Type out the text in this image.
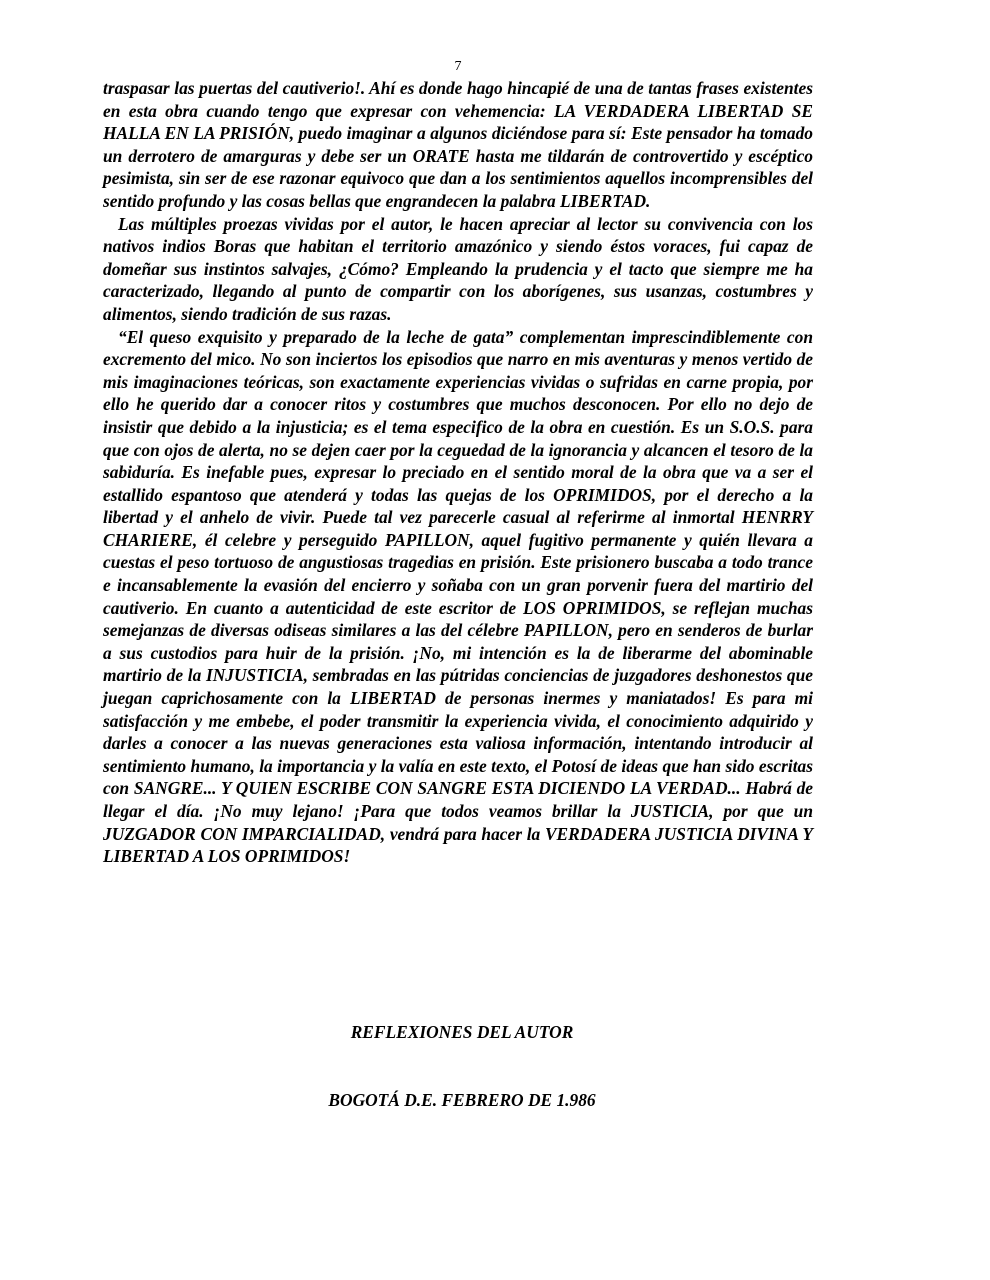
7

traspasar las puertas del cautiverio!. Ahí es donde hago hincapié de una de tantas frases existentes en esta obra cuando tengo que expresar con vehemencia: LA VERDADERA LIBERTAD SE HALLA EN LA PRISIÓN, puedo imaginar a algunos diciéndose para sí: Este pensador ha tomado un derrotero de amarguras y debe ser un ORATE hasta me tildarán de controvertido y escéptico pesimista, sin ser de ese razonar equivoco que dan a los sentimientos aquellos incomprensibles del sentido profundo y las cosas bellas que engrandecen la palabra LIBERTAD.

Las múltiples proezas vividas por el autor, le hacen apreciar al lector su convivencia con los nativos indios Boras que habitan el territorio amazónico y siendo éstos voraces, fui capaz de domeñar sus instintos salvajes, ¿Cómo? Empleando la prudencia y el tacto que siempre me ha caracterizado, llegando al punto de compartir con los aborígenes, sus usanzas, costumbres y alimentos, siendo tradición de sus razas.

“El queso exquisito y preparado de la leche de gata” complementan imprescindiblemente con excremento del mico. No son inciertos los episodios que narro en mis aventuras y menos vertido de mis imaginaciones teóricas, son exactamente experiencias vividas o sufridas en carne propia, por ello he querido dar a conocer ritos y costumbres que muchos desconocen. Por ello no dejo de insistir que debido a la injusticia; es el tema especifico de la obra en cuestión. Es un S.O.S. para que con ojos de alerta, no se dejen caer por la ceguedad de la ignorancia y alcancen el tesoro de la sabiduría. Es inefable pues, expresar lo preciado en el sentido moral de la obra que va a ser el estallido espantoso que atenderá y todas las quejas de los OPRIMIDOS, por el derecho a la libertad y el anhelo de vivir. Puede tal vez parecerle casual al referirme al inmortal HENRRY CHARIERE, él celebre y perseguido PAPILLON, aquel fugitivo permanente y quién llevara a cuestas el peso tortuoso de angustiosas tragedias en prisión. Este prisionero buscaba a todo trance e incansablemente la evasión del encierro y soñaba con un gran porvenir fuera del martirio del cautiverio. En cuanto a autenticidad de este escritor de LOS OPRIMIDOS, se reflejan muchas semejanzas de diversas odiseas similares a las del célebre PAPILLON, pero en senderos de burlar a sus custodios para huir de la prisión. ¡No, mi intención es la de liberarme del abominable martirio de la INJUSTICIA, sembradas en las pútridas conciencias de juzgadores deshonestos que juegan caprichosamente con la LIBERTAD de personas inermes y maniatados! Es para mi satisfacción y me embebe, el poder transmitir la experiencia vivida, el conocimiento adquirido y darles a conocer a las nuevas generaciones esta valiosa información, intentando introducir al sentimiento humano, la importancia y la valía en este texto, el Potosí de ideas que han sido escritas con SANGRE... Y QUIEN ESCRIBE CON SANGRE ESTA DICIENDO LA VERDAD... Habrá de llegar el día. ¡No muy lejano! ¡Para que todos veamos brillar la JUSTICIA, por que un JUZGADOR CON IMPARCIALIDAD, vendrá para hacer la VERDADERA JUSTICIA DIVINA Y LIBERTAD A LOS OPRIMIDOS!

REFLEXIONES DEL AUTOR
BOGOTÁ D.E. FEBRERO DE 1.986
